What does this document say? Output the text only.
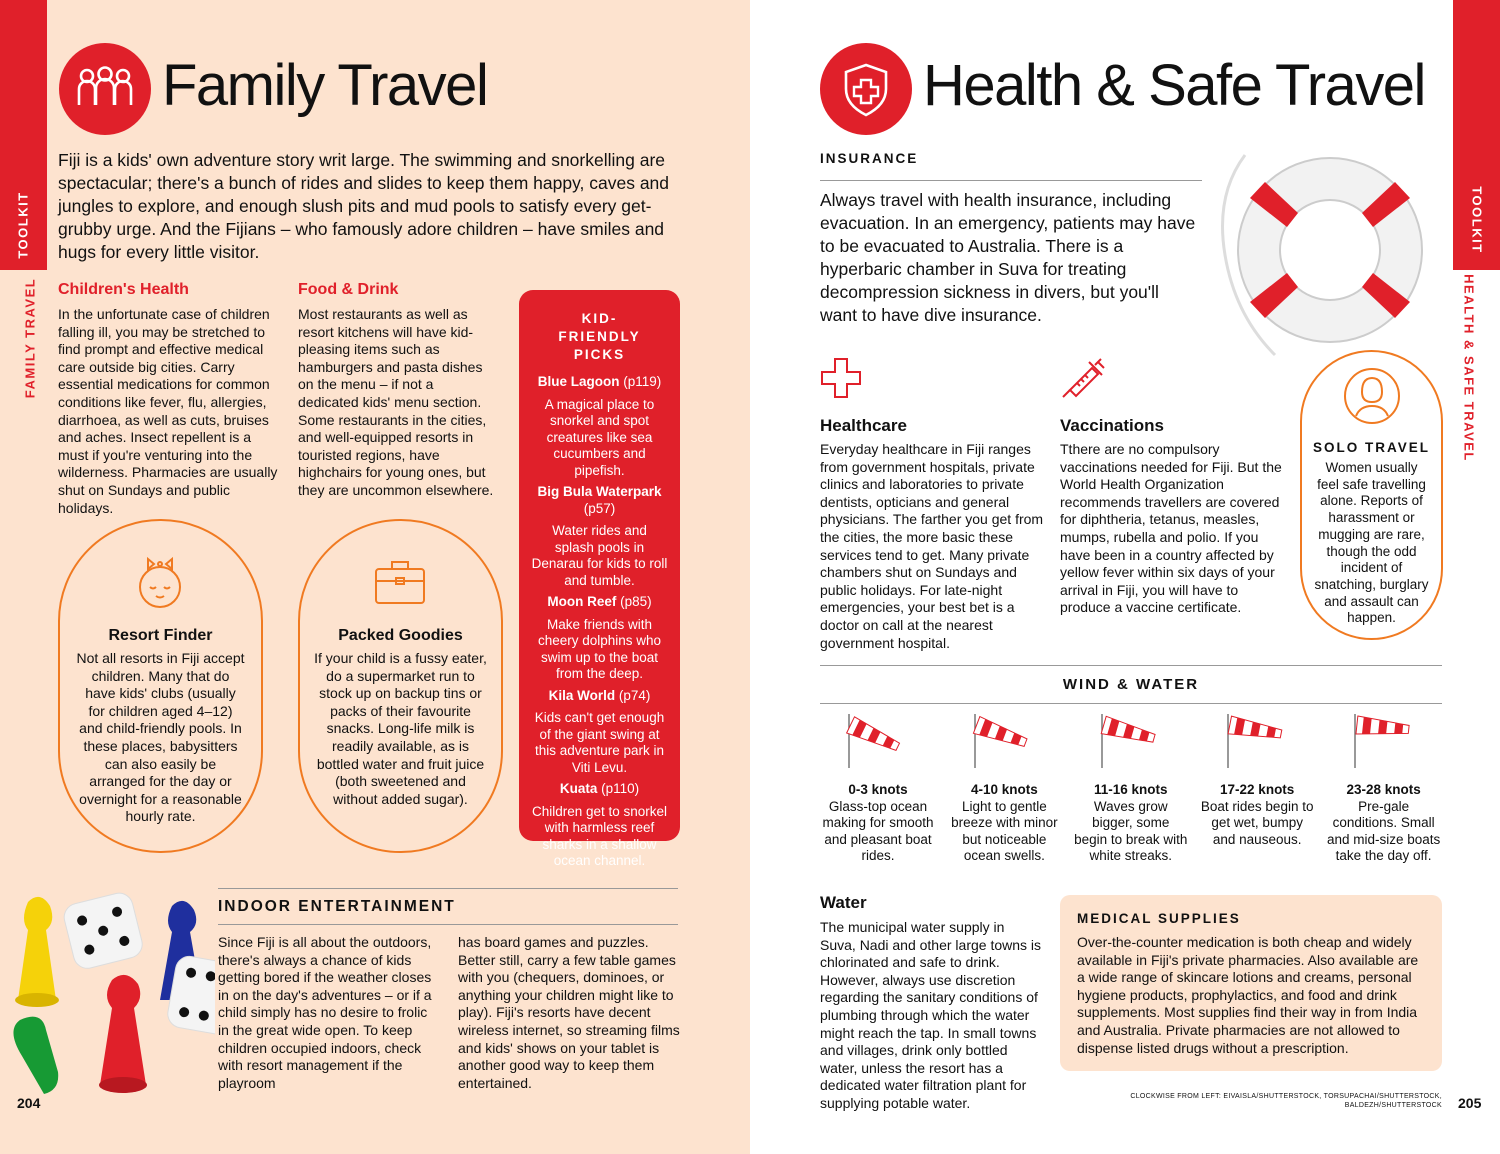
TOOLKIT
FAMILY TRAVEL
Family Travel
Fiji is a kids' own adventure story writ large. The swimming and snorkelling are spectacular; there's a bunch of rides and slides to keep them happy, caves and jungles to explore, and enough slush pits and mud pools to satisfy every get-grubby urge. And the Fijians – who famously adore children – have smiles and hugs for every little visitor.
Children's Health
In the unfortunate case of children falling ill, you may be stretched to find prompt and effective medical care outside big cities. Carry essential medications for common conditions like fever, flu, allergies, diarrhoea, as well as cuts, bruises and aches. Insect repellent is a must if you're venturing into the wilderness. Pharmacies are usually shut on Sundays and public holidays.
Food & Drink
Most restaurants as well as resort kitchens will have kid-pleasing items such as hamburgers and pasta dishes on the menu – if not a dedicated kids' menu section. Some restaurants in the cities, and well-equipped resorts in touristed regions, have highchairs for young ones, but they are uncommon elsewhere.
KID-FRIENDLY PICKS
Blue Lagoon (p119)
A magical place to snorkel and spot creatures like sea cucumbers and pipefish.
Big Bula Waterpark (p57)
Water rides and splash pools in Denarau for kids to roll and tumble.
Moon Reef (p85)
Make friends with cheery dolphins who swim up to the boat from the deep.
Kila World (p74)
Kids can't get enough of the giant swing at this adventure park in Viti Levu.
Kuata (p110)
Children get to snorkel with harmless reef sharks in a shallow ocean channel.
Resort Finder
Not all resorts in Fiji accept children. Many that do have kids' clubs (usually for children aged 4–12) and child-friendly pools. In these places, babysitters can also easily be arranged for the day or overnight for a reasonable hourly rate.
Packed Goodies
If your child is a fussy eater, do a supermarket run to stock up on backup tins or packs of their favourite snacks. Long-life milk is readily available, as is bottled water and fruit juice (both sweetened and without added sugar).
INDOOR ENTERTAINMENT
Since Fiji is all about the outdoors, there's always a chance of kids getting bored if the weather closes in on the day's adventures – or if a child simply has no desire to frolic in the great wide open. To keep children occupied indoors, check with resort management if the playroom
has board games and puzzles. Better still, carry a few table games with you (chequers, dominoes, or anything your children might like to play). Fiji's resorts have decent wireless internet, so streaming films and kids' shows on your tablet is another good way to keep them entertained.
204
TOOLKIT
HEALTH & SAFE TRAVEL
Health & Safe Travel
INSURANCE
Always travel with health insurance, including evacuation. In an emergency, patients may have to be evacuated to Australia. There is a hyperbaric chamber in Suva for treating decompression sickness in divers, but you'll want to have dive insurance.
Healthcare
Everyday healthcare in Fiji ranges from government hospitals, private clinics and laboratories to private dentists, opticians and general physicians. The farther you get from the cities, the more basic these services tend to get. Many private chambers shut on Sundays and public holidays. For late-night emergencies, your best bet is a doctor on call at the nearest government hospital.
Vaccinations
Tthere are no compulsory vaccinations needed for Fiji. But the World Health Organization recommends travellers are covered for diphtheria, tetanus, measles, mumps, rubella and polio. If you have been in a country affected by yellow fever within six days of your arrival in Fiji, you will have to produce a vaccine certificate.
SOLO TRAVEL
Women usually feel safe travelling alone. Reports of harassment or mugging are rare, though the odd incident of snatching, burglary and assault can happen.
WIND & WATER
0-3 knots
Glass-top ocean making for smooth and pleasant boat rides.
4-10 knots
Light to gentle breeze with minor but noticeable ocean swells.
11-16 knots
Waves grow bigger, some begin to break with white streaks.
17-22 knots
Boat rides begin to get wet, bumpy and nauseous.
23-28 knots
Pre-gale conditions. Small and mid-size boats take the day off.
Water
The municipal water supply in Suva, Nadi and other large towns is chlorinated and safe to drink. However, always use discretion regarding the sanitary conditions of plumbing through which the water might reach the tap. In small towns and villages, drink only bottled water, unless the resort has a dedicated water filtration plant for supplying potable water.
MEDICAL SUPPLIES
Over-the-counter medication is both cheap and widely available in Fiji's private pharmacies. Also available are a wide range of skincare lotions and creams, personal hygiene products, prophylactics, and food and drink supplements. Most supplies find their way in from India and Australia. Private pharmacies are not allowed to dispense listed drugs without a prescription.
CLOCKWISE FROM LEFT: EIVAISLA/SHUTTERSTOCK, TORSUPACHAI/SHUTTERSTOCK,
BALDEZH/SHUTTERSTOCK 205
